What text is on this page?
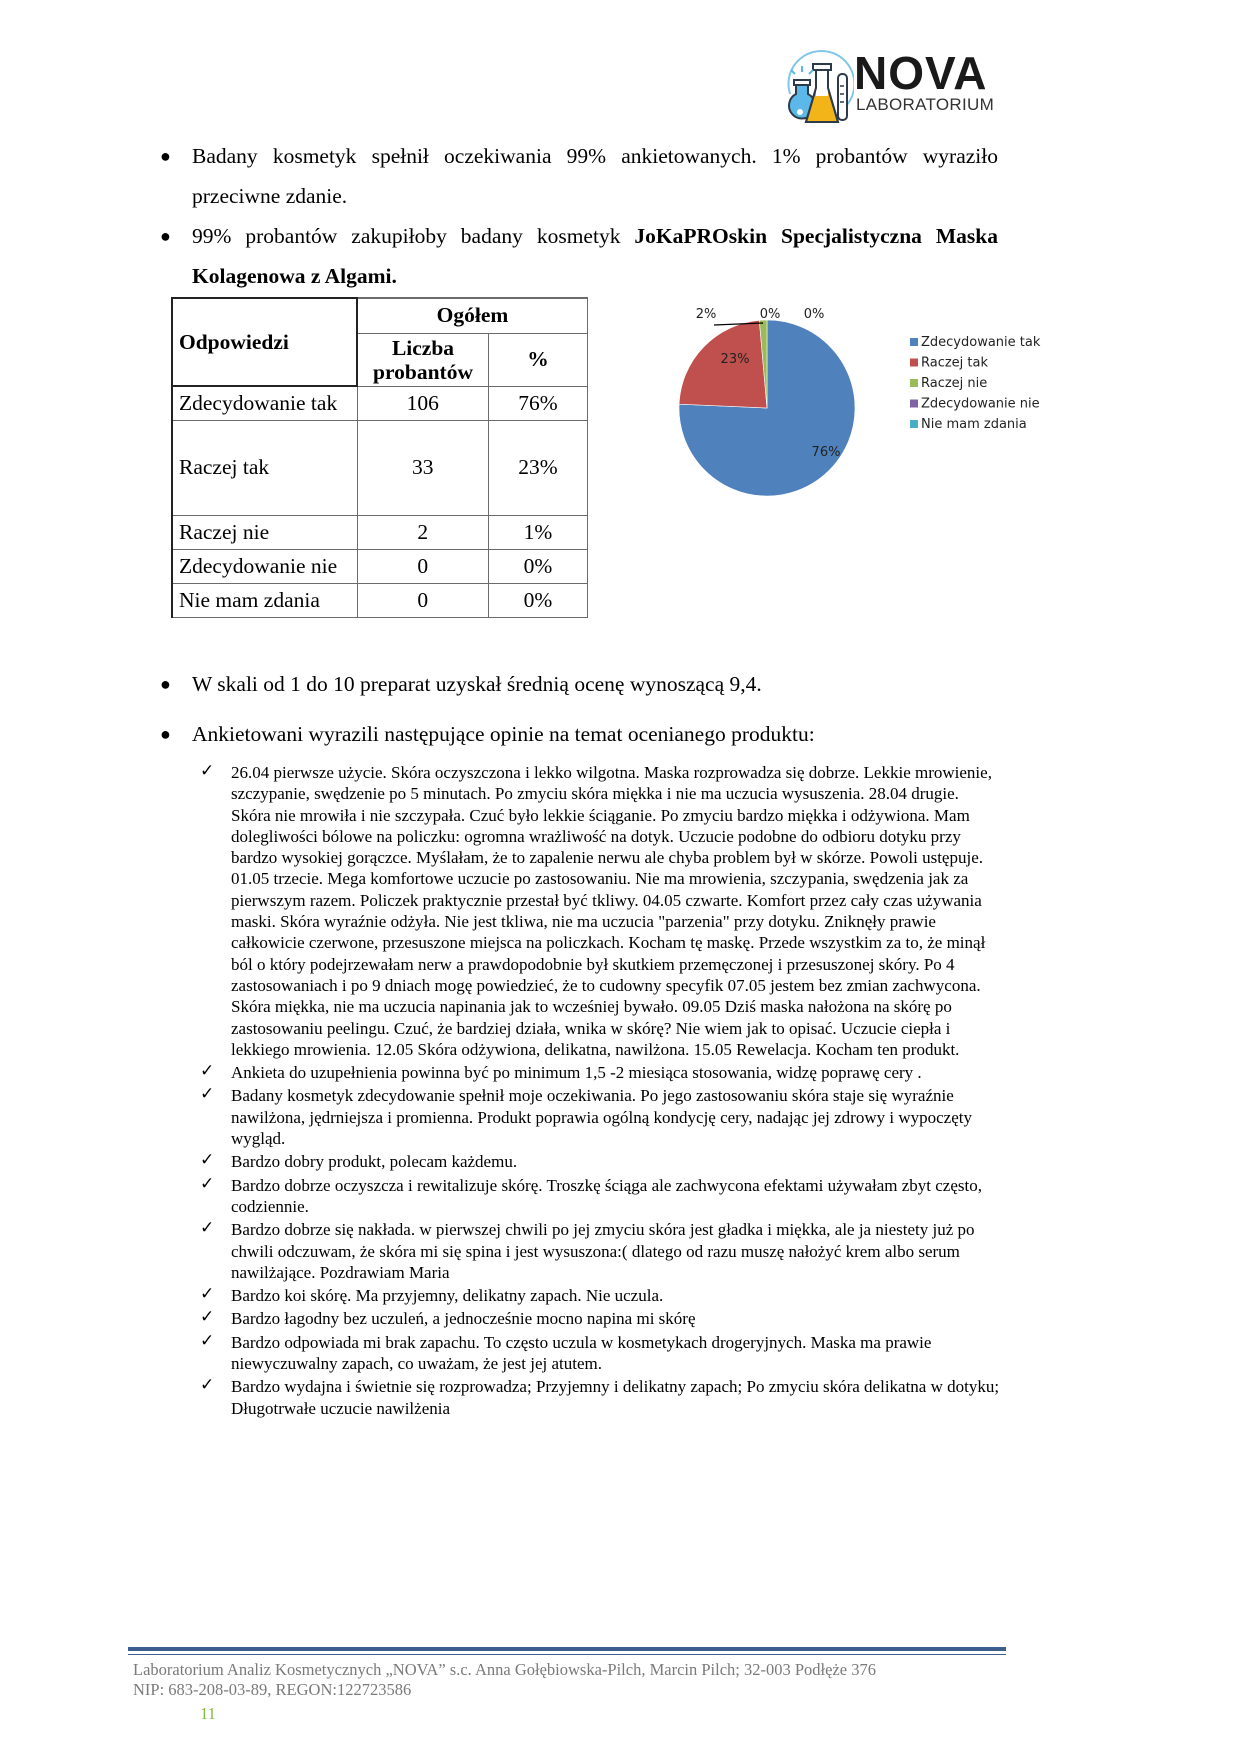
NOVA
LABORATORIUM
● Badany kosmetyk spełnił oczekiwania 99% ankietowanych. 1% probantów wyraziło
przeciwne zdanie.
● 99% probantów zakupiłoby badany kosmetyk JoKaPROskin Specjalistyczna Maska
Kolagenowa z Algami.
Odpowiedzi	Ogółem	
	Liczba probantów	%
Zdecydowanie tak	106	76%
Raczej tak	33	23%
Raczej nie	2	1%
Zdecydowanie nie	0	0%
Nie mam zdania	0	0%
76%
23%
2%	0% 0%
Zdecydowanie tak
Raczej tak
Raczej nie
Zdecydowanie nie
Nie mam zdania
● W skali od 1 do 10 preparat uzyskał średnią ocenę wynoszącą 9,4.
● Ankietowani wyrazili następujące opinie na temat ocenianego produktu:
✓ 26.04 pierwsze użycie. Skóra oczyszczona i lekko wilgotna. Maska rozprowadza się dobrze. Lekkie mrowienie, szczypanie, swędzenie po 5 minutach. Po zmyciu skóra miękka i nie ma uczucia wysuszenia. 28.04 drugie. Skóra nie mrowiła i nie szczypała. Czuć było lekkie ściąganie. Po zmyciu bardzo miękka i odżywiona. Mam dolegliwości bólowe na policzku: ogromna wrażliwość na dotyk. Uczucie podobne do odbioru dotyku przy bardzo wysokiej gorączce. Myślałam, że to zapalenie nerwu ale chyba problem był w skórze. Powoli ustępuje. 01.05 trzecie. Mega komfortowe uczucie po zastosowaniu. Nie ma mrowienia, szczypania, swędzenia jak za pierwszym razem. Policzek praktycznie przestał być tkliwy. 04.05 czwarte. Komfort przez cały czas używania maski. Skóra wyraźnie odżyła. Nie jest tkliwa, nie ma uczucia "parzenia" przy dotyku. Zniknęły prawie całkowicie czerwone, przesuszone miejsca na policzkach. Kocham tę maskę. Przede wszystkim za to, że minął ból o który podejrzewałam nerw a prawdopodobnie był skutkiem przemęczonej i przesuszonej skóry. Po 4 zastosowaniach i po 9 dniach mogę powiedzieć, że to cudowny specyfik 07.05 jestem bez zmian zachwycona. Skóra miękka, nie ma uczucia napinania jak to wcześniej bywało. 09.05 Dziś maska nałożona na skórę po zastosowaniu peelingu. Czuć, że bardziej działa, wnika w skórę? Nie wiem jak to opisać. Uczucie ciepła i lekkiego mrowienia. 12.05 Skóra odżywiona, delikatna, nawilżona. 15.05 Rewelacja. Kocham ten produkt.
✓ Ankieta do uzupełnienia powinna być po minimum 1,5 -2 miesiąca stosowania, widzę poprawę cery .
✓ Badany kosmetyk zdecydowanie spełnił moje oczekiwania. Po jego zastosowaniu skóra staje się wyraźnie nawilżona, jędrniejsza i promienna. Produkt poprawia ogólną kondycję cery, nadając jej zdrowy i wypoczęty wygląd.
✓ Bardzo dobry produkt, polecam każdemu.
✓ Bardzo dobrze oczyszcza i rewitalizuje skórę. Troszkę ściąga ale zachwycona efektami używałam zbyt często, codziennie.
✓ Bardzo dobrze się nakłada. w pierwszej chwili po jej zmyciu skóra jest gładka i miękka, ale ja niestety już po chwili odczuwam, że skóra mi się spina i jest wysuszona:( dlatego od razu muszę nałożyć krem albo serum nawilżające. Pozdrawiam Maria
✓ Bardzo koi skórę. Ma przyjemny, delikatny zapach. Nie uczula.
✓ Bardzo łagodny bez uczuleń, a jednocześnie mocno napina mi skórę
✓ Bardzo odpowiada mi brak zapachu. To często uczula w kosmetykach drogeryjnych. Maska ma prawie niewyczuwalny zapach, co uważam, że jest jej atutem.
✓ Bardzo wydajna i świetnie się rozprowadza; Przyjemny i delikatny zapach; Po zmyciu skóra delikatna w dotyku; Długotrwałe uczucie nawilżenia
Laboratorium Analiz Kosmetycznych „NOVA” s.c. Anna Gołębiowska-Pilch, Marcin Pilch; 32-003 Podłęże 376
NIP: 683-208-03-89, REGON:122723586
11
